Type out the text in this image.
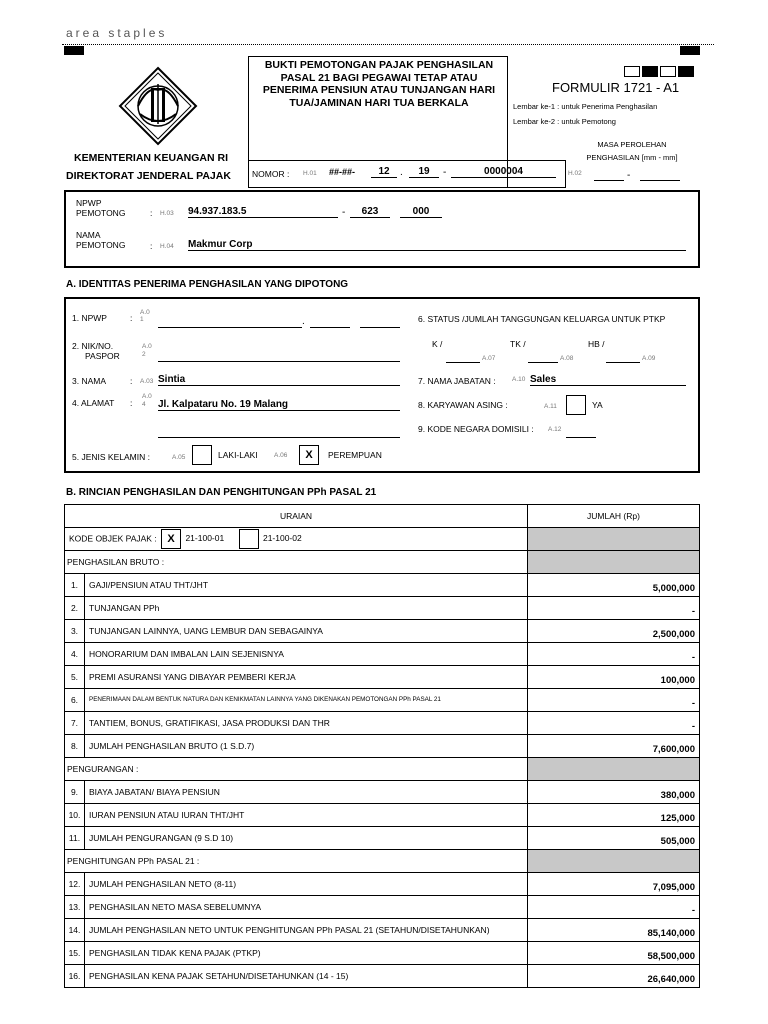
area staples
KEMENTERIAN KEUANGAN RI
DIREKTORAT JENDERAL PAJAK
BUKTI PEMOTONGAN PAJAK PENGHASILAN
PASAL 21 BAGI PEGAWAI TETAP ATAU
PENERIMA PENSIUN ATAU TUNJANGAN HARI
TUA/JAMINAN HARI TUA BERKALA
FORMULIR 1721 - A1
Lembar ke-1 : untuk Penerima Penghasilan
Lembar ke-2 : untuk Pemotong
MASA PEROLEHAN
PENGHASILAN [mm - mm]
H.02	-
NOMOR : H.01 ##-##-	12	.	19	-	0000004
NPWP
PEMOTONG	: H.03 94.937.183.5	-	623	000
NAMA
PEMOTONG	: H.04 Makmur Corp
A. IDENTITAS PENERIMA PENGHASILAN YANG DIPOTONG
1. NPWP	:
A.01	.
2. NIK/NO.
PASPOR
A.02
3. NAMA	: A.03 Sintia
4. ALAMAT :
A.04	Jl. Kalpataru No. 19 Malang
5. JENIS KELAMIN :	A.05	LAKI-LAKI	A.06	X	PEREMPUAN
6. STATUS /JUMLAH TANGGUNGAN KELUARGA UNTUK PTKP
K /	TK /	HB /
A.07	A.08	A.09
7. NAMA JABATAN :	A.10 Sales
8. KARYAWAN ASING :	A.11	YA
9. KODE NEGARA DOMISILI : A.12
B. RINCIAN PENGHASILAN DAN PENGHITUNGAN PPh PASAL 21
URAIAN		JUMLAH (Rp)
KODE OBJEK PAJAK : X 21-100-01 21-100-02		
PENGHASILAN BRUTO :		
1.	GAJI/PENSIUN ATAU THT/JHT	5,000,000
2.	TUNJANGAN PPh	-
3.	TUNJANGAN LAINNYA, UANG LEMBUR DAN SEBAGAINYA	2,500,000
4.	HONORARIUM DAN IMBALAN LAIN SEJENISNYA	-
5.	PREMI ASURANSI YANG DIBAYAR PEMBERI KERJA	100,000
6.	PENERIMAAN DALAM BENTUK NATURA DAN KENIKMATAN LAINNYA YANG DIKENAKAN PEMOTONGAN PPh PASAL 21	-
7.	TANTIEM, BONUS, GRATIFIKASI, JASA PRODUKSI DAN THR	-
8.	JUMLAH PENGHASILAN BRUTO (1 S.D.7)	7,600,000
PENGURANGAN :		
9.	BIAYA JABATAN/ BIAYA PENSIUN	380,000
10.	IURAN PENSIUN ATAU IURAN THT/JHT	125,000
11.	JUMLAH PENGURANGAN (9 S.D 10)	505,000
PENGHITUNGAN PPh PASAL 21 :		
12.	JUMLAH PENGHASILAN NETO (8-11)	7,095,000
13.	PENGHASILAN NETO MASA SEBELUMNYA	-
14.	JUMLAH PENGHASILAN NETO UNTUK PENGHITUNGAN PPh PASAL 21 (SETAHUN/DISETAHUNKAN)	85,140,000
15.	PENGHASILAN TIDAK KENA PAJAK (PTKP)	58,500,000
16.	PENGHASILAN KENA PAJAK SETAHUN/DISETAHUNKAN (14 - 15)	26,640,000
